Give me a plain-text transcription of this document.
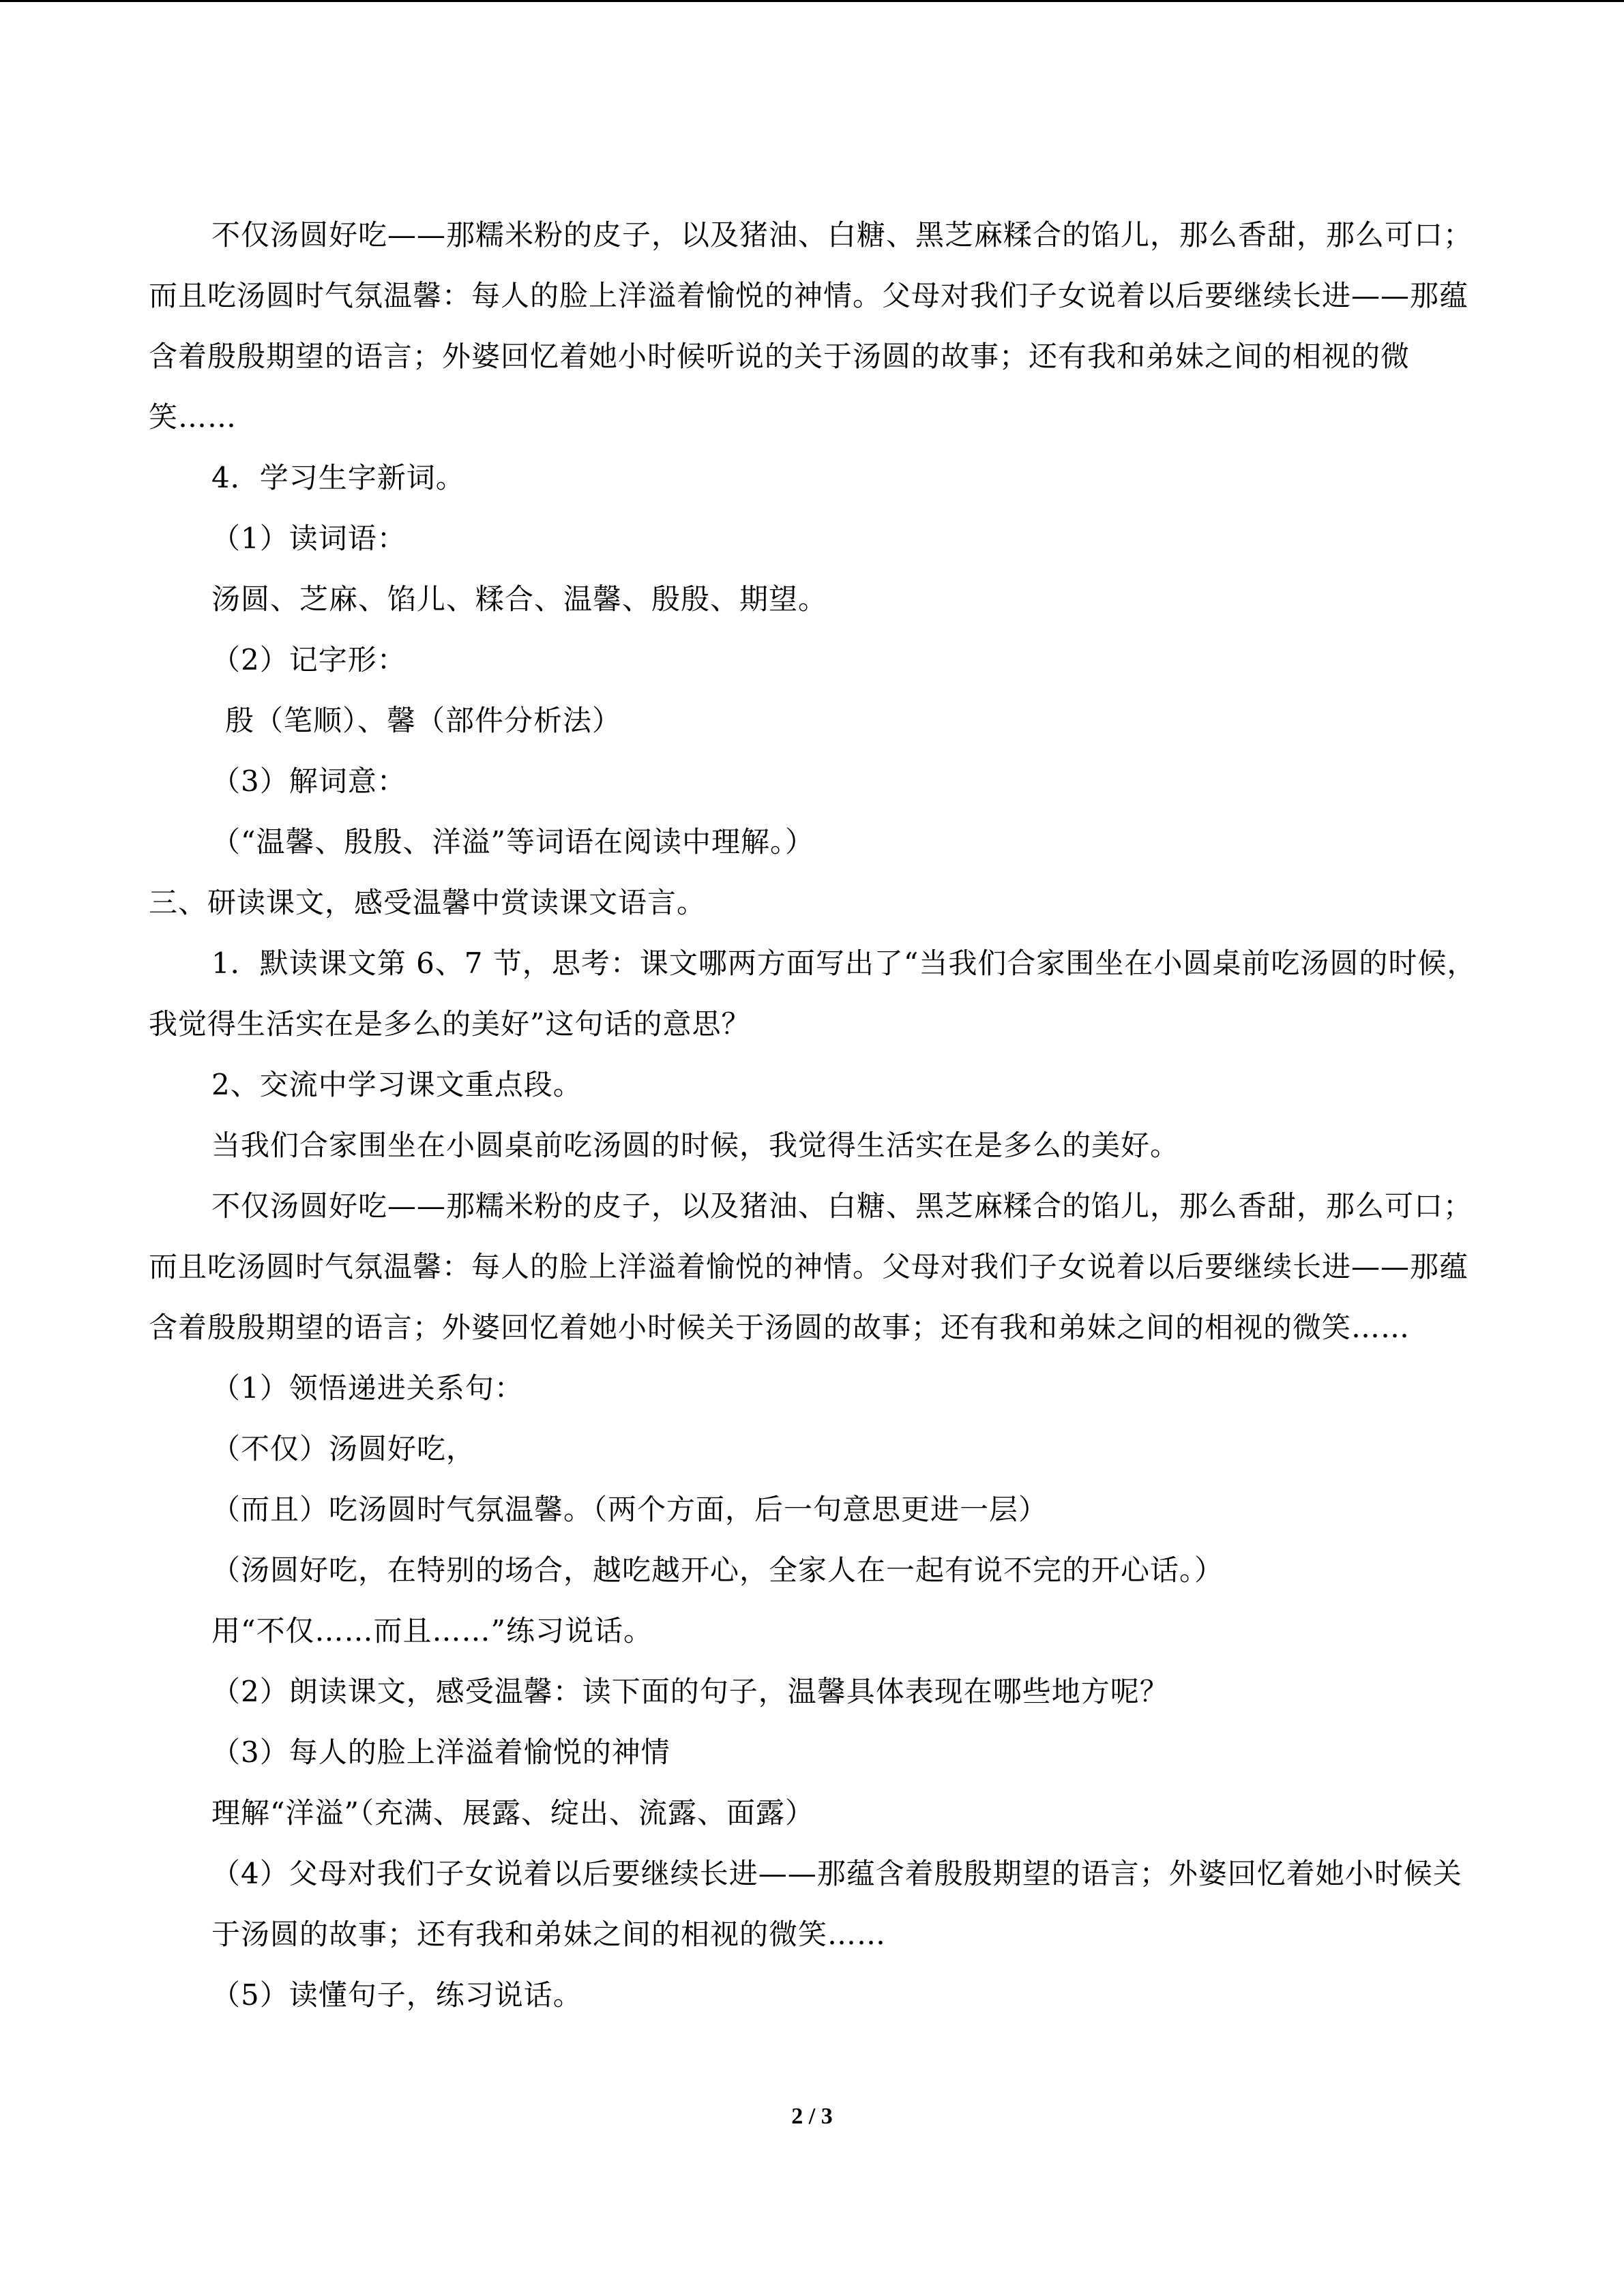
不仅汤圆好吃——那糯米粉的皮子，以及猪油、白糖、黑芝麻糅合的馅儿，那么香甜，那么可口；而且吃汤圆时气氛温馨：每人的脸上洋溢着愉悦的神情。父母对我们子女说着以后要继续长进——那蕴含着殷殷期望的语言；外婆回忆着她小时候听说的关于汤圆的故事；还有我和弟妹之间的相视的微笑……

4．学习生字新词。

（1）读词语：

汤圆、芝麻、馅儿、糅合、温馨、殷殷、期望。

（2）记字形：

殷（笔顺）、馨（部件分析法）

（3）解词意：

（“温馨、殷殷、洋溢”等词语在阅读中理解。）

三、研读课文，感受温馨中赏读课文语言。

1．默读课文第 6、7 节，思考：课文哪两方面写出了“当我们合家围坐在小圆桌前吃汤圆的时候，我觉得生活实在是多么的美好”这句话的意思？

2、交流中学习课文重点段。

当我们合家围坐在小圆桌前吃汤圆的时候，我觉得生活实在是多么的美好。

不仅汤圆好吃——那糯米粉的皮子，以及猪油、白糖、黑芝麻糅合的馅儿，那么香甜，那么可口；而且吃汤圆时气氛温馨：每人的脸上洋溢着愉悦的神情。父母对我们子女说着以后要继续长进——那蕴含着殷殷期望的语言；外婆回忆着她小时候关于汤圆的故事；还有我和弟妹之间的相视的微笑……

（1）领悟递进关系句：

（不仅）汤圆好吃，

（而且）吃汤圆时气氛温馨。（两个方面，后一句意思更进一层）

（汤圆好吃，在特别的场合，越吃越开心，全家人在一起有说不完的开心话。）

用“不仅……而且……”练习说话。

（2）朗读课文，感受温馨：读下面的句子，温馨具体表现在哪些地方呢？

（3）每人的脸上洋溢着愉悦的神情

理解“洋溢”（充满、展露、绽出、流露、面露）

（4）父母对我们子女说着以后要继续长进——那蕴含着殷殷期望的语言；外婆回忆着她小时候关于汤圆的故事；还有我和弟妹之间的相视的微笑……

（5）读懂句子，练习说话。

2 / 3
